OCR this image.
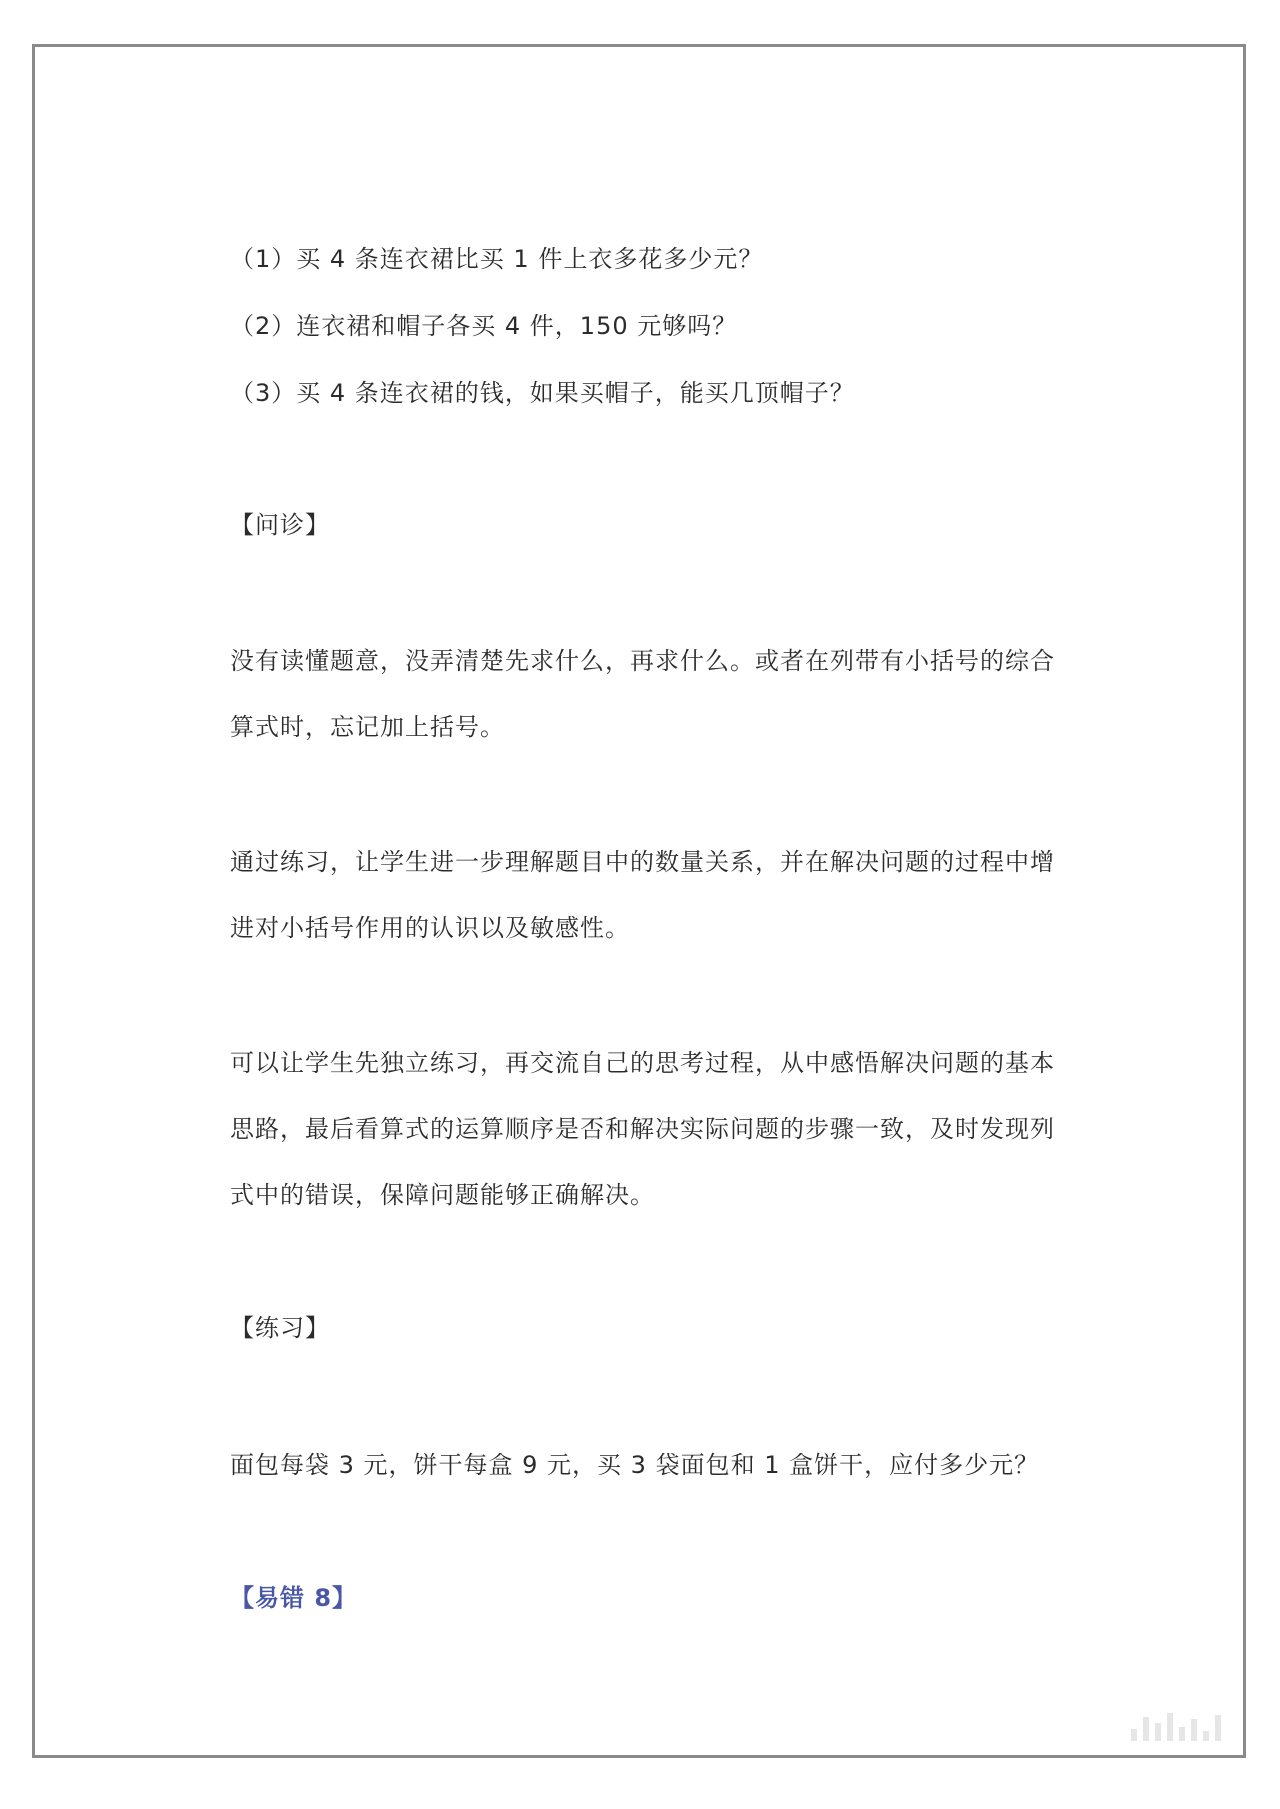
（1）买 4 条连衣裙比买 1 件上衣多花多少元？
（2）连衣裙和帽子各买 4 件，150 元够吗？
（3）买 4 条连衣裙的钱，如果买帽子，能买几顶帽子？
【问诊】
没有读懂题意，没弄清楚先求什么，再求什么。或者在列带有小括号的综合
算式时，忘记加上括号。
通过练习，让学生进一步理解题目中的数量关系，并在解决问题的过程中增
进对小括号作用的认识以及敏感性。
可以让学生先独立练习，再交流自己的思考过程，从中感悟解决问题的基本
思路，最后看算式的运算顺序是否和解决实际问题的步骤一致，及时发现列
式中的错误，保障问题能够正确解决。
【练习】
面包每袋 3 元，饼干每盒 9 元，买 3 袋面包和 1 盒饼干，应付多少元？
【易错 8】
